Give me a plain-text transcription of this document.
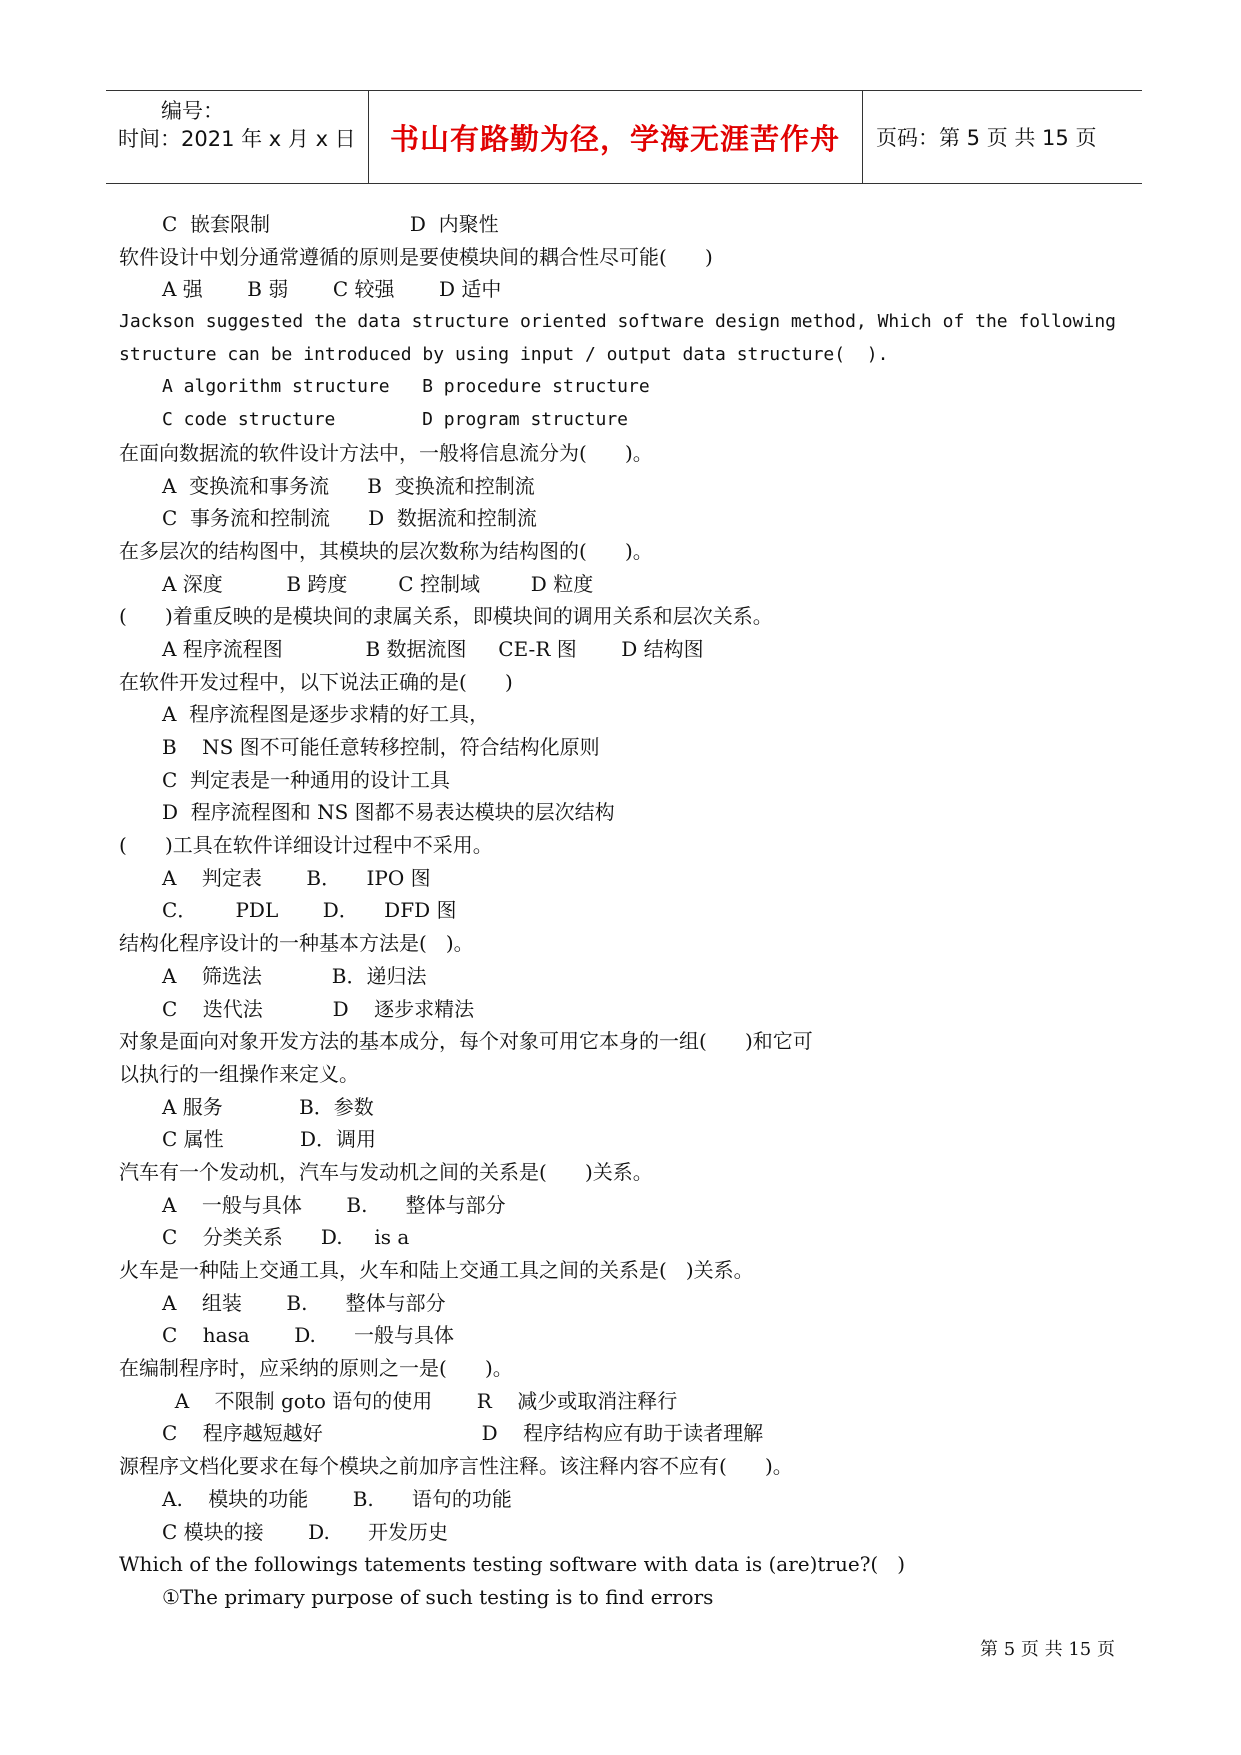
编号：
时间：2021 年 x 月 x 日	书山有路勤为径，学海无涯苦作舟	页码：第 5 页 共 15 页
C  嵌套限制                      D  内聚性
软件设计中划分通常遵循的原则是要使模块间的耦合性尽可能(      )
A 强       B 弱       C 较强       D 适中
Jackson suggested the data structure oriented software design method, Which of the following
structure can be introduced by using input / output data structure(  ).
A algorithm structure   B procedure structure
C code structure        D program structure
在面向数据流的软件设计方法中，一般将信息流分为(      )。
A  变换流和事务流      B  变换流和控制流
C  事务流和控制流      D  数据流和控制流
在多层次的结构图中，其模块的层次数称为结构图的(      )。
A 深度          B 跨度        C 控制域        D 粒度
(      )着重反映的是模块间的隶属关系，即模块间的调用关系和层次关系。
A 程序流程图             B 数据流图     CE-R 图       D 结构图
在软件开发过程中，以下说法正确的是(      )
A  程序流程图是逐步求精的好工具，
B    NS 图不可能任意转移控制，符合结构化原则
C  判定表是一种通用的设计工具
D  程序流程图和 NS 图都不易表达模块的层次结构
(      )工具在软件详细设计过程中不采用。
A    判定表       B．    IPO 图
C．      PDL       D．    DFD 图
结构化程序设计的一种基本方法是(   )。
A    筛选法           B．递归法
C    迭代法           D    逐步求精法
对象是面向对象开发方法的基本成分，每个对象可用它本身的一组(      )和它可
以执行的一组操作来定义。
A 服务            B．参数
C 属性            D．调用
汽车有一个发动机，汽车与发动机之间的关系是(      )关系。
A    一般与具体       B.      整体与部分
C    分类关系      D.     is a
火车是一种陆上交通工具，火车和陆上交通工具之间的关系是(   )关系。
A    组装       B.      整体与部分
C    hasa       D.      一般与具体
在编制程序时，应采纳的原则之一是(      )。
A    不限制 goto 语句的使用       R    减少或取消注释行
C    程序越短越好                         D    程序结构应有助于读者理解
源程序文档化要求在每个模块之前加序言性注释。该注释内容不应有(      )。
A.    模块的功能       B.      语句的功能
C 模块的接       D.      开发历史
Which of the followings tatements testing software with data is (are)true?(   )
①The primary purpose of such testing is to find errors
第 5 页 共 15 页
